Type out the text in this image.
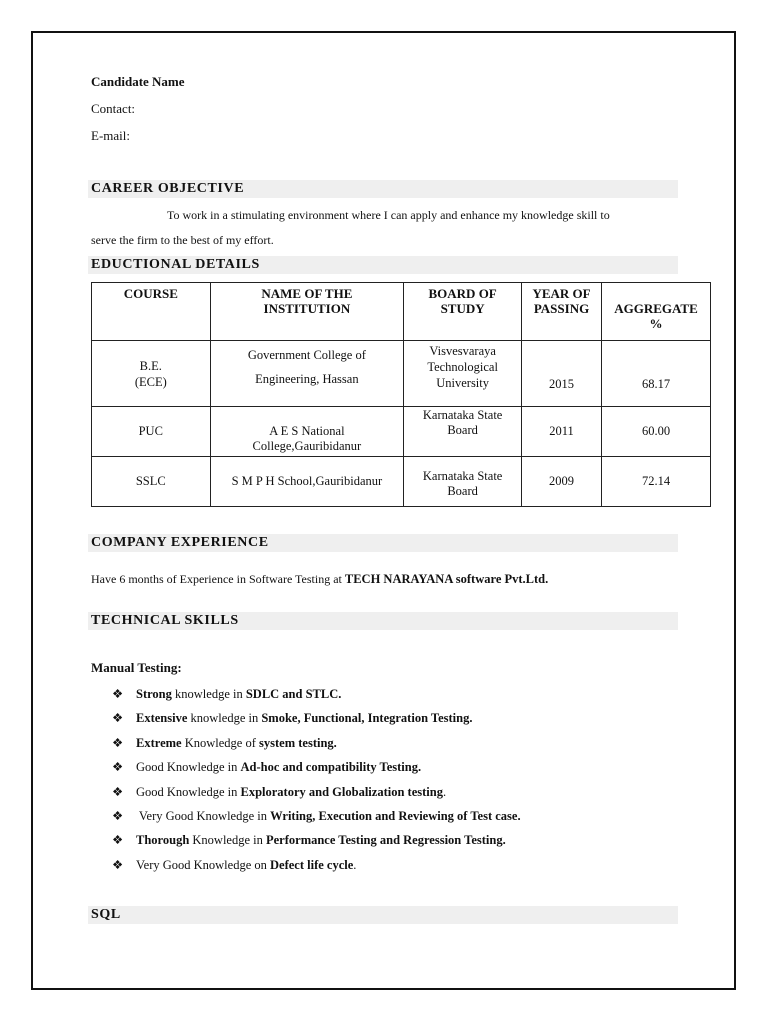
Candidate Name
Contact:
E-mail:
CAREER OBJECTIVE
To work in a stimulating environment where I can apply and enhance my knowledge skill to
serve the firm to the best of my effort.
EDUCTIONAL DETAILS
COURSE	NAME OF THE INSTITUTION	BOARD OF STUDY	YEAR OF PASSING	AGGREGATE %

B.E. (ECE)	Government College of Engineering, Hassan	Visvesvaraya Technological University	2015	68.17
PUC	A E S National College,Gauribidanur	Karnataka State Board	2011	60.00
SSLC	S M P H School,Gauribidanur	Karnataka State Board	2009	72.14
COMPANY EXPERIENCE
Have 6 months of Experience in Software Testing at TECH NARAYANA software Pvt.Ltd.
TECHNICAL SKILLS
Manual Testing:
❖ Strong knowledge in SDLC and STLC.
❖ Extensive knowledge in Smoke, Functional, Integration Testing.
❖ Extreme Knowledge of system testing.
❖ Good Knowledge in Ad-hoc and compatibility Testing.
❖ Good Knowledge in Exploratory and Globalization testing.
❖ Very Good Knowledge in Writing, Execution and Reviewing of Test case.
❖ Thorough Knowledge in Performance Testing and Regression Testing.
❖ Very Good Knowledge on Defect life cycle.
SQL
